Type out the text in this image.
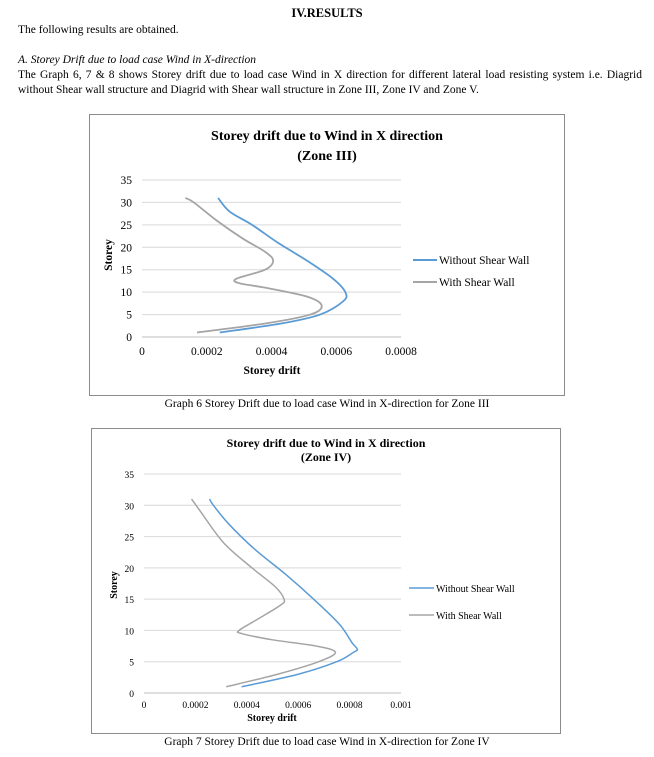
IV.RESULTS
The following results are obtained.
A. Storey Drift due to load case Wind in X-direction
The Graph 6, 7 & 8 shows Storey drift due to load case Wind in X direction for different lateral load resisting system i.e. Diagrid without Shear wall structure and Diagrid with Shear wall structure in Zone III, Zone IV and Zone V.
Storey drift due to Wind in X direction
(Zone III)
0
5
10
15
20
25
30
35
0	0.0002	0.0004	0.0006	0.0008
Storey drift
Storey	Without Shear Wall
With Shear Wall
Graph 6 Storey Drift due to load case Wind in X-direction for Zone III
Storey drift due to Wind in X direction
(Zone IV)
0
5
10
15
20
25
30
35
0	0.0002	0.0004	0.0006	0.0008	0.001
Storey drift
Storey	Without Shear Wall
With Shear Wall
Graph 7 Storey Drift due to load case Wind in X-direction for Zone IV
